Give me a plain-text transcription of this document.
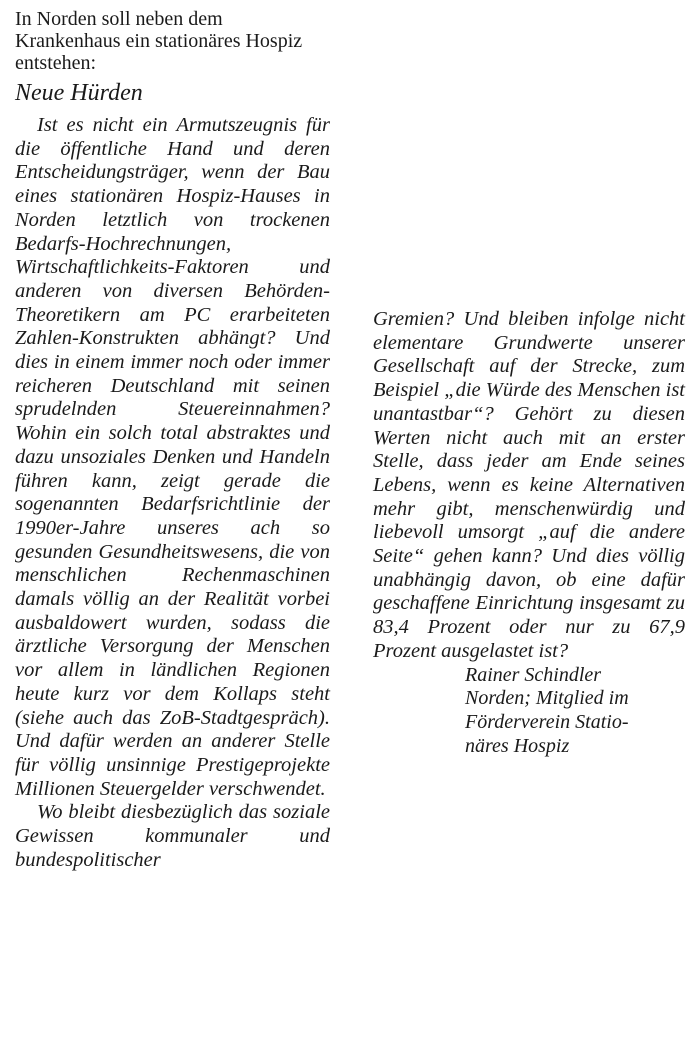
In Norden soll neben dem Krankenhaus ein stationäres Hospiz entstehen:

Neue Hürden

Ist es nicht ein Armutszeugnis für die öffentliche Hand und deren Entscheidungsträger, wenn der Bau eines stationären Hospiz-Hauses in Norden letztlich von trockenen Bedarfs-Hochrechnungen, Wirtschaftlichkeits-Faktoren und anderen von diversen Behörden-Theoretikern am PC erarbeiteten Zahlen-Konstrukten abhängt? Und dies in einem immer noch oder immer reicheren Deutschland mit seinen sprudelnden Steuereinnahmen? Wohin ein solch total abstraktes und dazu unsoziales Denken und Handeln führen kann, zeigt gerade die sogenannten Bedarfsrichtlinie der 1990er-Jahre unseres ach so gesunden Gesundheitswesens, die von menschlichen Rechenmaschinen damals völlig an der Realität vorbei ausbaldowert wurden, sodass die ärztliche Versorgung der Menschen vor allem in ländlichen Regionen heute kurz vor dem Kollaps steht (siehe auch das ZoB-Stadtgespräch). Und dafür werden an anderer Stelle für völlig unsinnige Prestigeprojekte Millionen Steuergelder verschwendet.

Wo bleibt diesbezüglich das soziale Gewissen kommunaler und bundespolitischer

Gremien? Und bleiben infolge nicht elementare Grundwerte unserer Gesellschaft auf der Strecke, zum Beispiel „die Würde des Menschen ist unantastbar“? Gehört zu diesen Werten nicht auch mit an erster Stelle, dass jeder am Ende seines Lebens, wenn es keine Alternativen mehr gibt, menschenwürdig und liebevoll umsorgt „auf die andere Seite“ gehen kann? Und dies völlig unabhängig davon, ob eine dafür geschaffene Einrichtung insgesamt zu 83,4 Prozent oder nur zu 67,9 Prozent ausgelastet ist?

Rainer Schindler
Norden; Mitglied im
Förderverein Statio-
näres Hospiz
